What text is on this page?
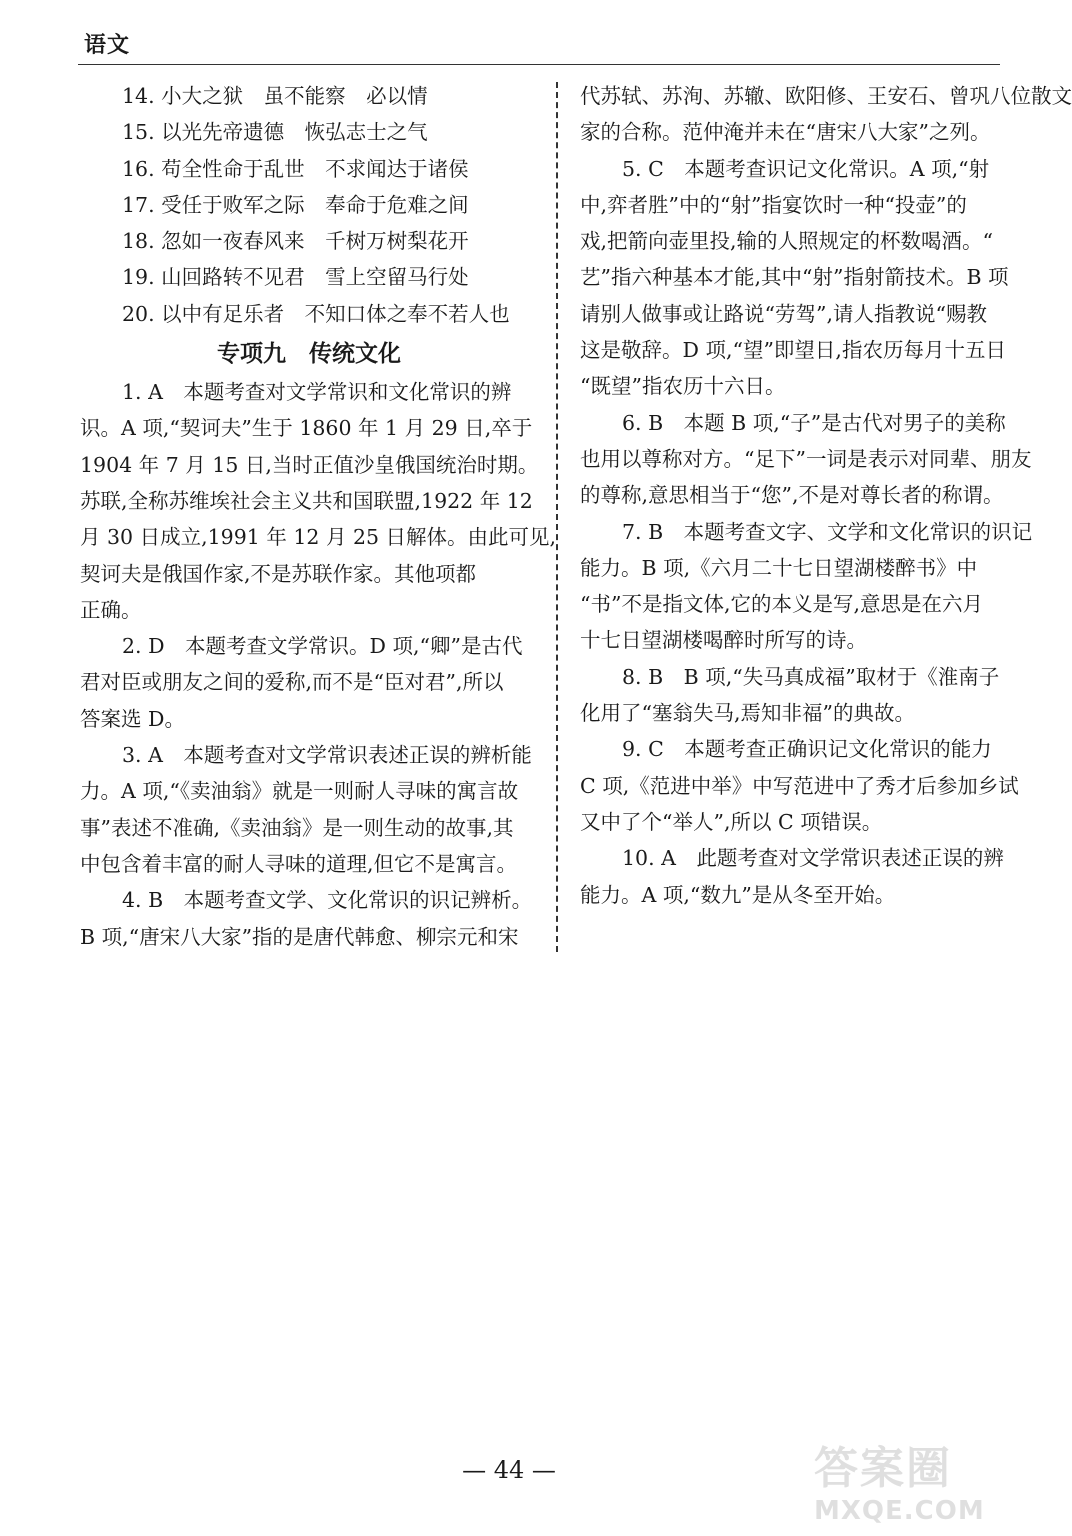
语文
14. 小大之狱　虽不能察　必以情
15. 以光先帝遗德　恢弘志士之气
16. 苟全性命于乱世　不求闻达于诸侯
17. 受任于败军之际　奉命于危难之间
18. 忽如一夜春风来　千树万树梨花开
19. 山回路转不见君　雪上空留马行处
20. 以中有足乐者　不知口体之奉不若人也
专项九　传统文化
1. A　本题考查对文学常识和文化常识的辨
识。A 项,“契诃夫”生于 1860 年 1 月 29 日,卒于
1904 年 7 月 15 日,当时正值沙皇俄国统治时期。
苏联,全称苏维埃社会主义共和国联盟,1922 年 12
月 30 日成立,1991 年 12 月 25 日解体。由此可见,
契诃夫是俄国作家,不是苏联作家。其他项都
正确。
2. D　本题考查文学常识。D 项,“卿”是古代
君对臣或朋友之间的爱称,而不是“臣对君”,所以
答案选 D。
3. A　本题考查对文学常识表述正误的辨析能
力。A 项,“《卖油翁》就是一则耐人寻味的寓言故
事”表述不准确,《卖油翁》是一则生动的故事,其
中包含着丰富的耐人寻味的道理,但它不是寓言。
4. B　本题考查文学、文化常识的识记辨析。
B 项,“唐宋八大家”指的是唐代韩愈、柳宗元和宋
代苏轼、苏洵、苏辙、欧阳修、王安石、曾巩八位散文
家的合称。范仲淹并未在“唐宋八大家”之列。
5. C　本题考查识记文化常识。A 项,“射
中,弈者胜”中的“射”指宴饮时一种“投壶”的
戏,把箭向壶里投,输的人照规定的杯数喝酒。“
艺”指六种基本才能,其中“射”指射箭技术。B 项
请别人做事或让路说“劳驾”,请人指教说“赐教
这是敬辞。D 项,“望”即望日,指农历每月十五日
“既望”指农历十六日。
6. B　本题 B 项,“子”是古代对男子的美称
也用以尊称对方。“足下”一词是表示对同辈、朋友
的尊称,意思相当于“您”,不是对尊长者的称谓。
7. B　本题考查文字、文学和文化常识的识记
能力。B 项,《六月二十七日望湖楼醉书》中
“书”不是指文体,它的本义是写,意思是在六月
十七日望湖楼喝醉时所写的诗。
8. B　B 项,“失马真成福”取材于《淮南子
化用了“塞翁失马,焉知非福”的典故。
9. C　本题考查正确识记文化常识的能力
C 项,《范进中举》中写范进中了秀才后参加乡试
又中了个“举人”,所以 C 项错误。
10. A　此题考查对文学常识表述正误的辨
能力。A 项,“数九”是从冬至开始。
— 44 —	答案圈
MXQE.COM
